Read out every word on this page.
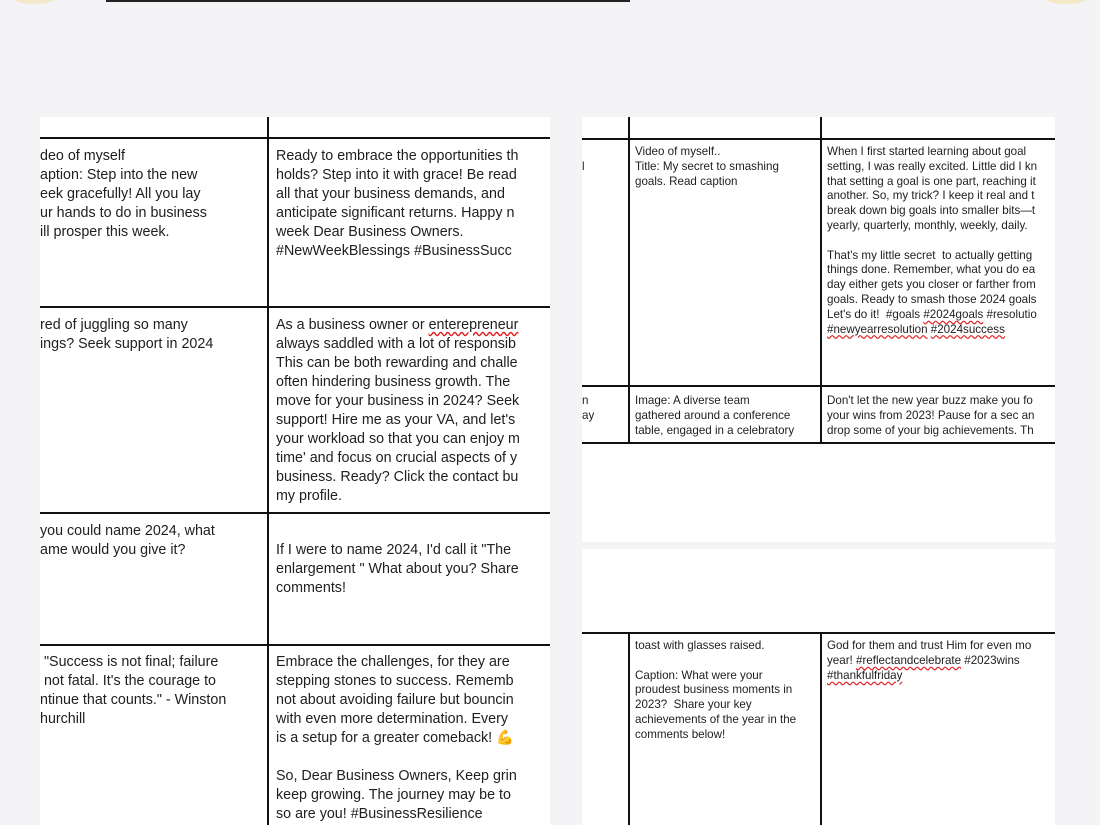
deo of myself
aption: Step into the new
eek gracefully! All you lay
ur hands to do in business
ill prosper this week.
Ready to embrace the opportunities th
holds? Step into it with grace! Be read
all that your business demands, and
anticipate significant returns. Happy n
week Dear Business Owners.
#NewWeekBlessings #BusinessSucc
red of juggling so many
ings? Seek support in 2024
As a business owner or enterepreneur
always saddled with a lot of responsib
This can be both rewarding and challe
often hindering business growth. The
move for your business in 2024? Seek
support! Hire me as your VA, and let's
your workload so that you can enjoy m
time' and focus on crucial aspects of y
business. Ready? Click the contact bu
my profile.
you could name 2024, what
ame would you give it?	If I were to name 2024, I'd call it "The
enlargement " What about you? Share
comments!
"Success is not final; failure
not fatal. It's the courage to
ntinue that counts." - Winston
hurchill
Embrace the challenges, for they are
stepping stones to success. Rememb
not about avoiding failure but bouncin
with even more determination. Every
is a setup for a greater comeback! 💪

So, Dear Business Owners, Keep grin
keep growing. The journey may be to
so are you! #BusinessResilience
l
Video of myself..
Title: My secret to smashing
goals. Read caption
When I first started learning about goal
setting, I was really excited. Little did I kn
that setting a goal is one part, reaching it
another. So, my trick? I keep it real and t
break down big goals into smaller bits—t
yearly, quarterly, monthly, weekly, daily.

That's my little secret  to actually getting
things done. Remember, what you do ea
day either gets you closer or farther from
goals. Ready to smash those 2024 goals
Let's do it!  #goals #2024goals #resolutio
#newyearresolution #2024success
n
ay
Image: A diverse team
gathered around a conference
table, engaged in a celebratory
Don't let the new year buzz make you fo
your wins from 2023! Pause for a sec an
drop some of your big achievements. Th
toast with glasses raised.

Caption: What were your
proudest business moments in
2023?  Share your key
achievements of the year in the
comments below!
God for them and trust Him for even mo
year! #reflectandcelebrate #2023wins
#thankfulfriday
